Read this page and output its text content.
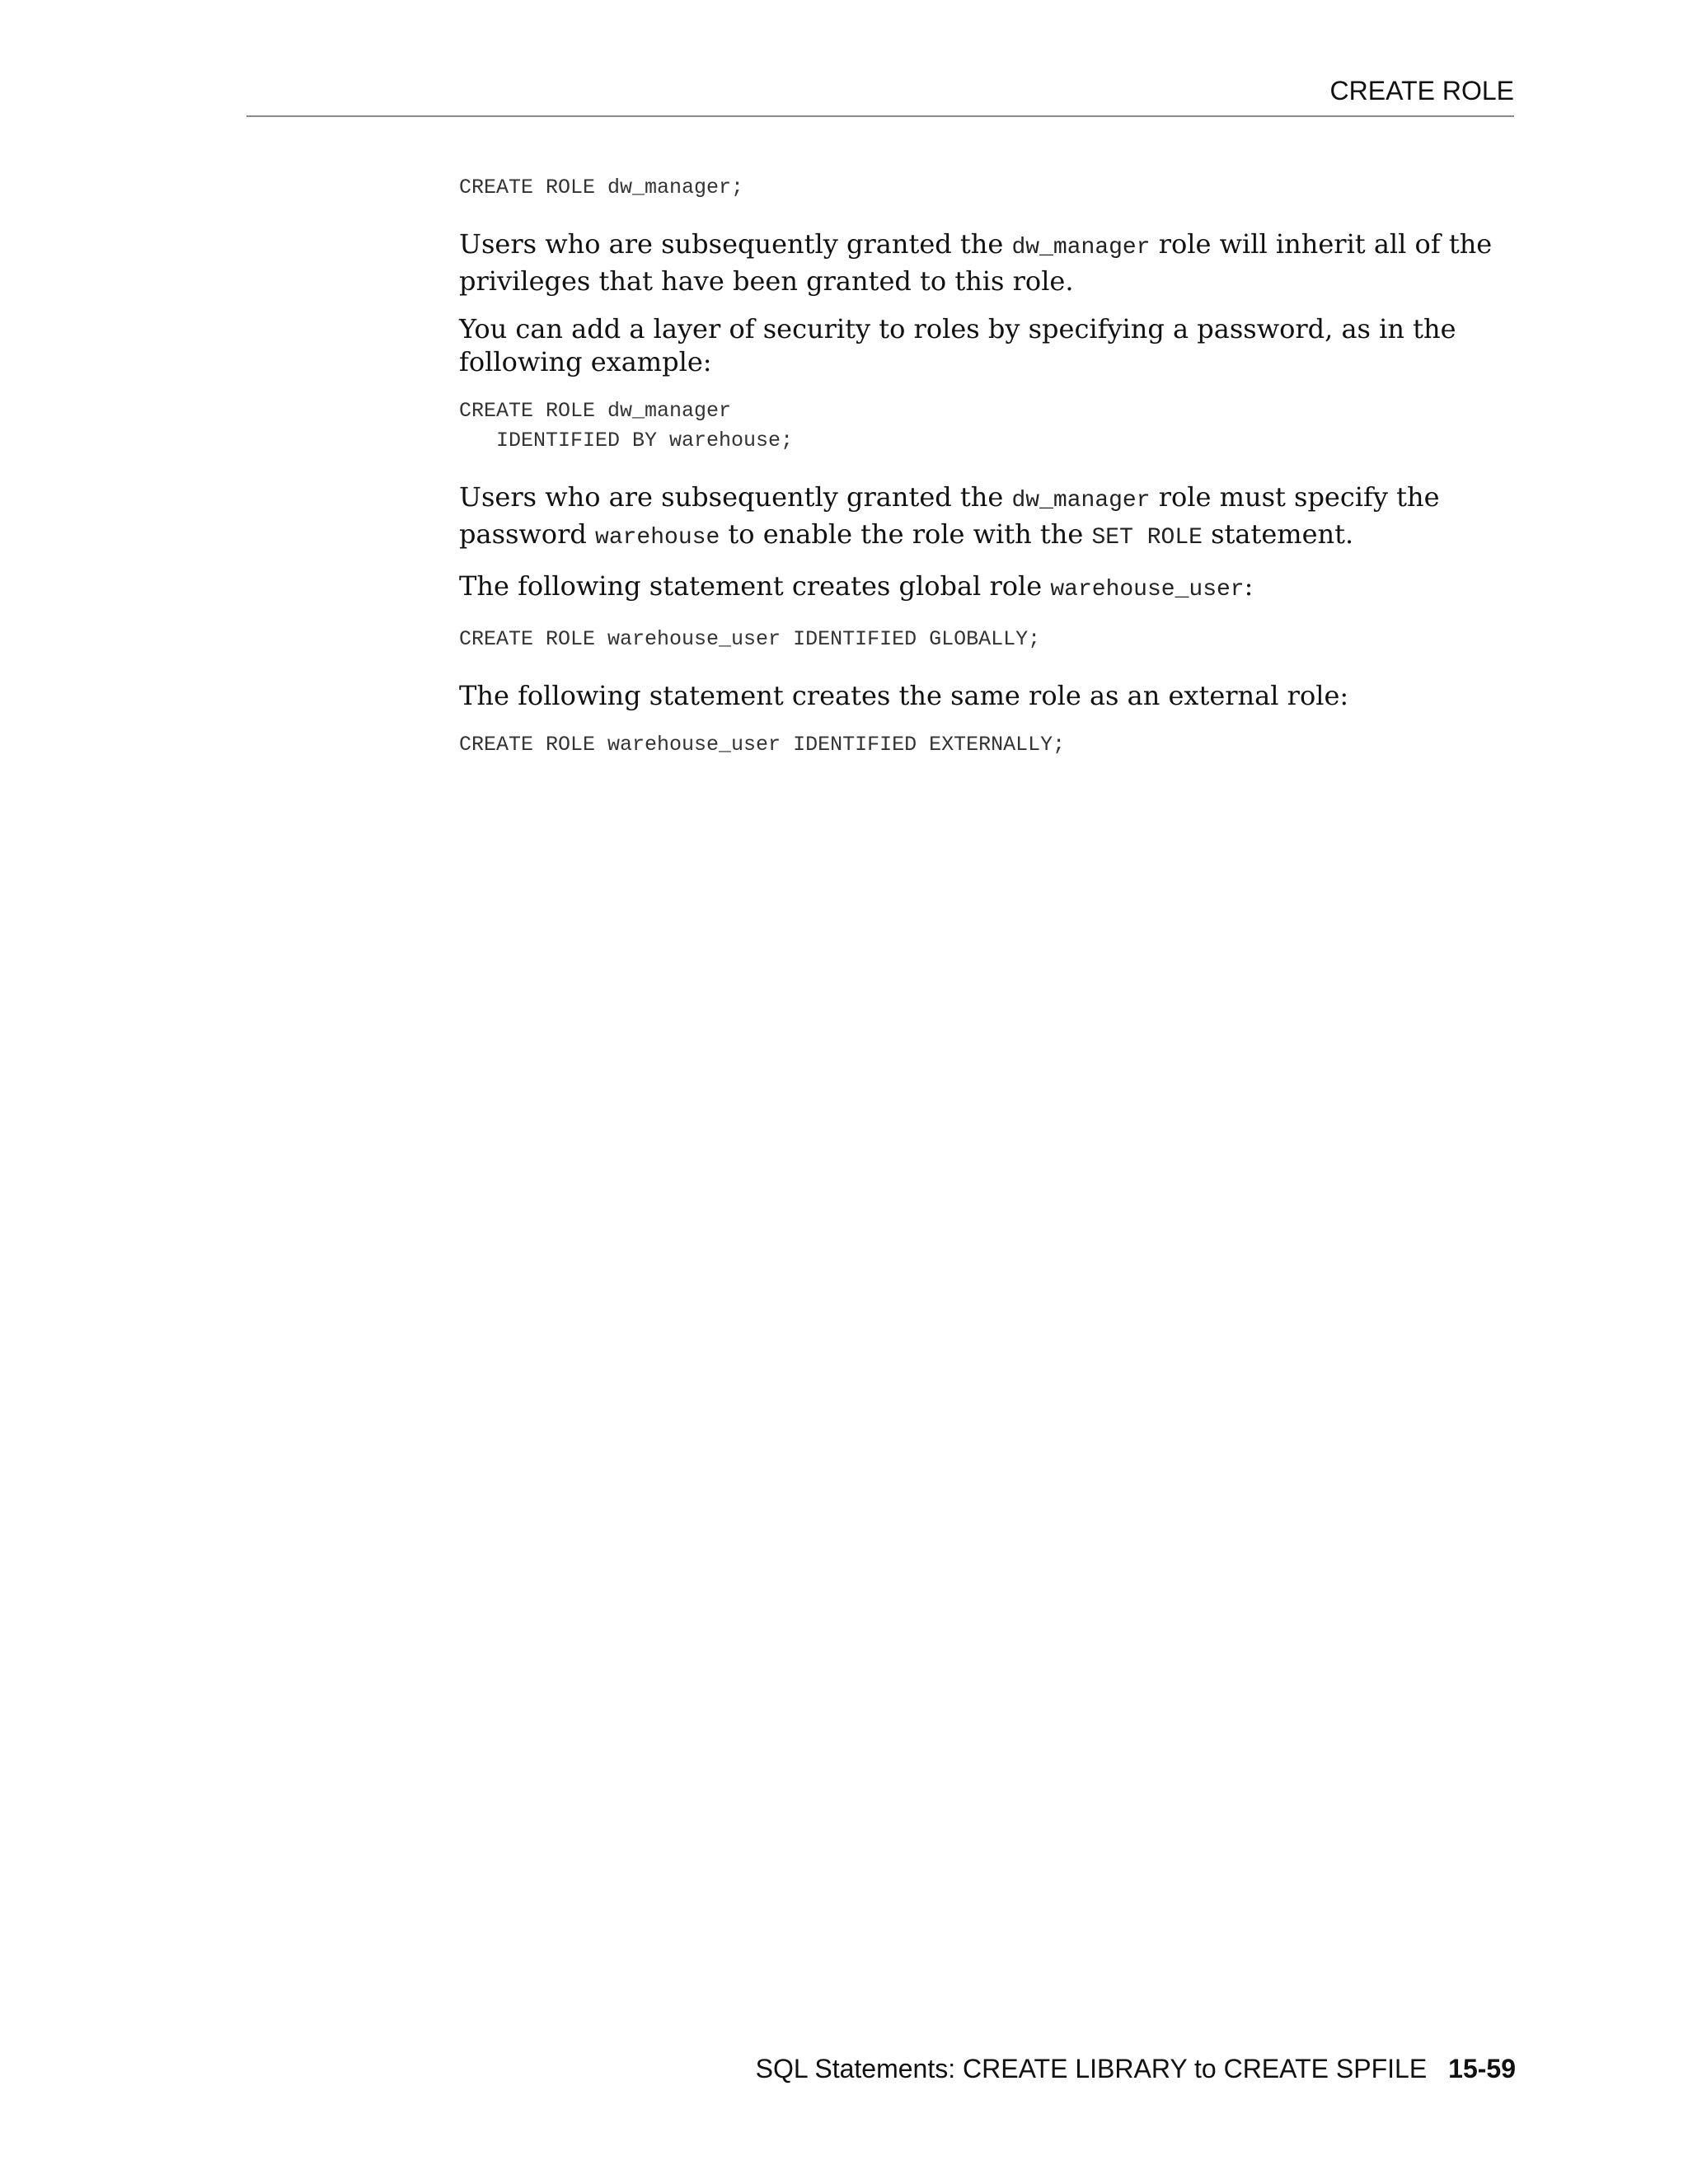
CREATE ROLE
CREATE ROLE dw_manager;

Users who are subsequently granted the dw_manager role will inherit all of the privileges that have been granted to this role.

You can add a layer of security to roles by specifying a password, as in the following example:

CREATE ROLE dw_manager
IDENTIFIED BY warehouse;

Users who are subsequently granted the dw_manager role must specify the password warehouse to enable the role with the SET ROLE statement.

The following statement creates global role warehouse_user:

CREATE ROLE warehouse_user IDENTIFIED GLOBALLY;

The following statement creates the same role as an external role:

CREATE ROLE warehouse_user IDENTIFIED EXTERNALLY;
SQL Statements: CREATE LIBRARY to CREATE SPFILE 15-59
